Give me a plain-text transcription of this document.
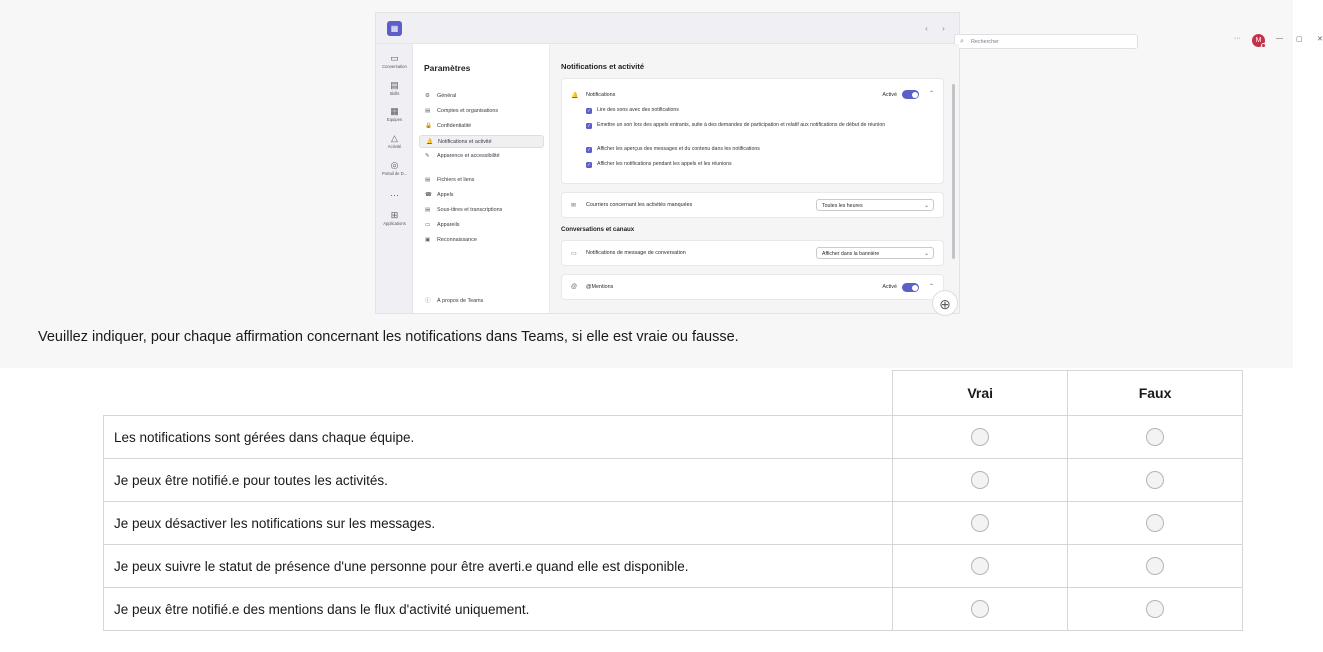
▦	‹	›
⌕ Rechercher	···	M	— ▢ ✕
▭
Conversation
▤
Skills
▦
Equipes
△
Activité
◎
Portail de D...
···
⊞
Applications
Paramètres
⚙ Général
▤ Comptes et organisations
🔒 Confidentialité
🔔 Notifications et activité
✎ Apparence et accessibilité
▤ Fichiers et liens
☎ Appels
▤ Sous-titres et transcriptions
▭ Appareils
▣ Reconnaissance
ⓘ À propos de Teams
Notifications et activité
🔔 Notifications	Activé	⌃
✓ Lire des sons avec des notifications
✓ Emettre un son lors des appels entrants, suite à des demandes de participation et relatif aux notifications de début de réunion
✓ Afficher les aperçus des messages et du contenu dans les notifications
✓ Afficher les notifications pendant les appels et les réunions
✉ Courriers concernant les activités manquées	Toutes les heures	⌄
Conversations et canaux
▭ Notifications de message de conversation	Afficher dans la bannière	⌄
@ @Mentions	Activé	⌃
⊕
Veuillez indiquer, pour chaque affirmation concernant les notifications dans Teams, si elle est vraie ou fausse.
	Vrai	Faux
Les notifications sont gérées dans chaque équipe.		
Je peux être notifié.e pour toutes les activités.		
Je peux désactiver les notifications sur les messages.		
Je peux suivre le statut de présence d'une personne pour être averti.e quand elle est disponible.		
Je peux être notifié.e des mentions dans le flux d'activité uniquement.		
